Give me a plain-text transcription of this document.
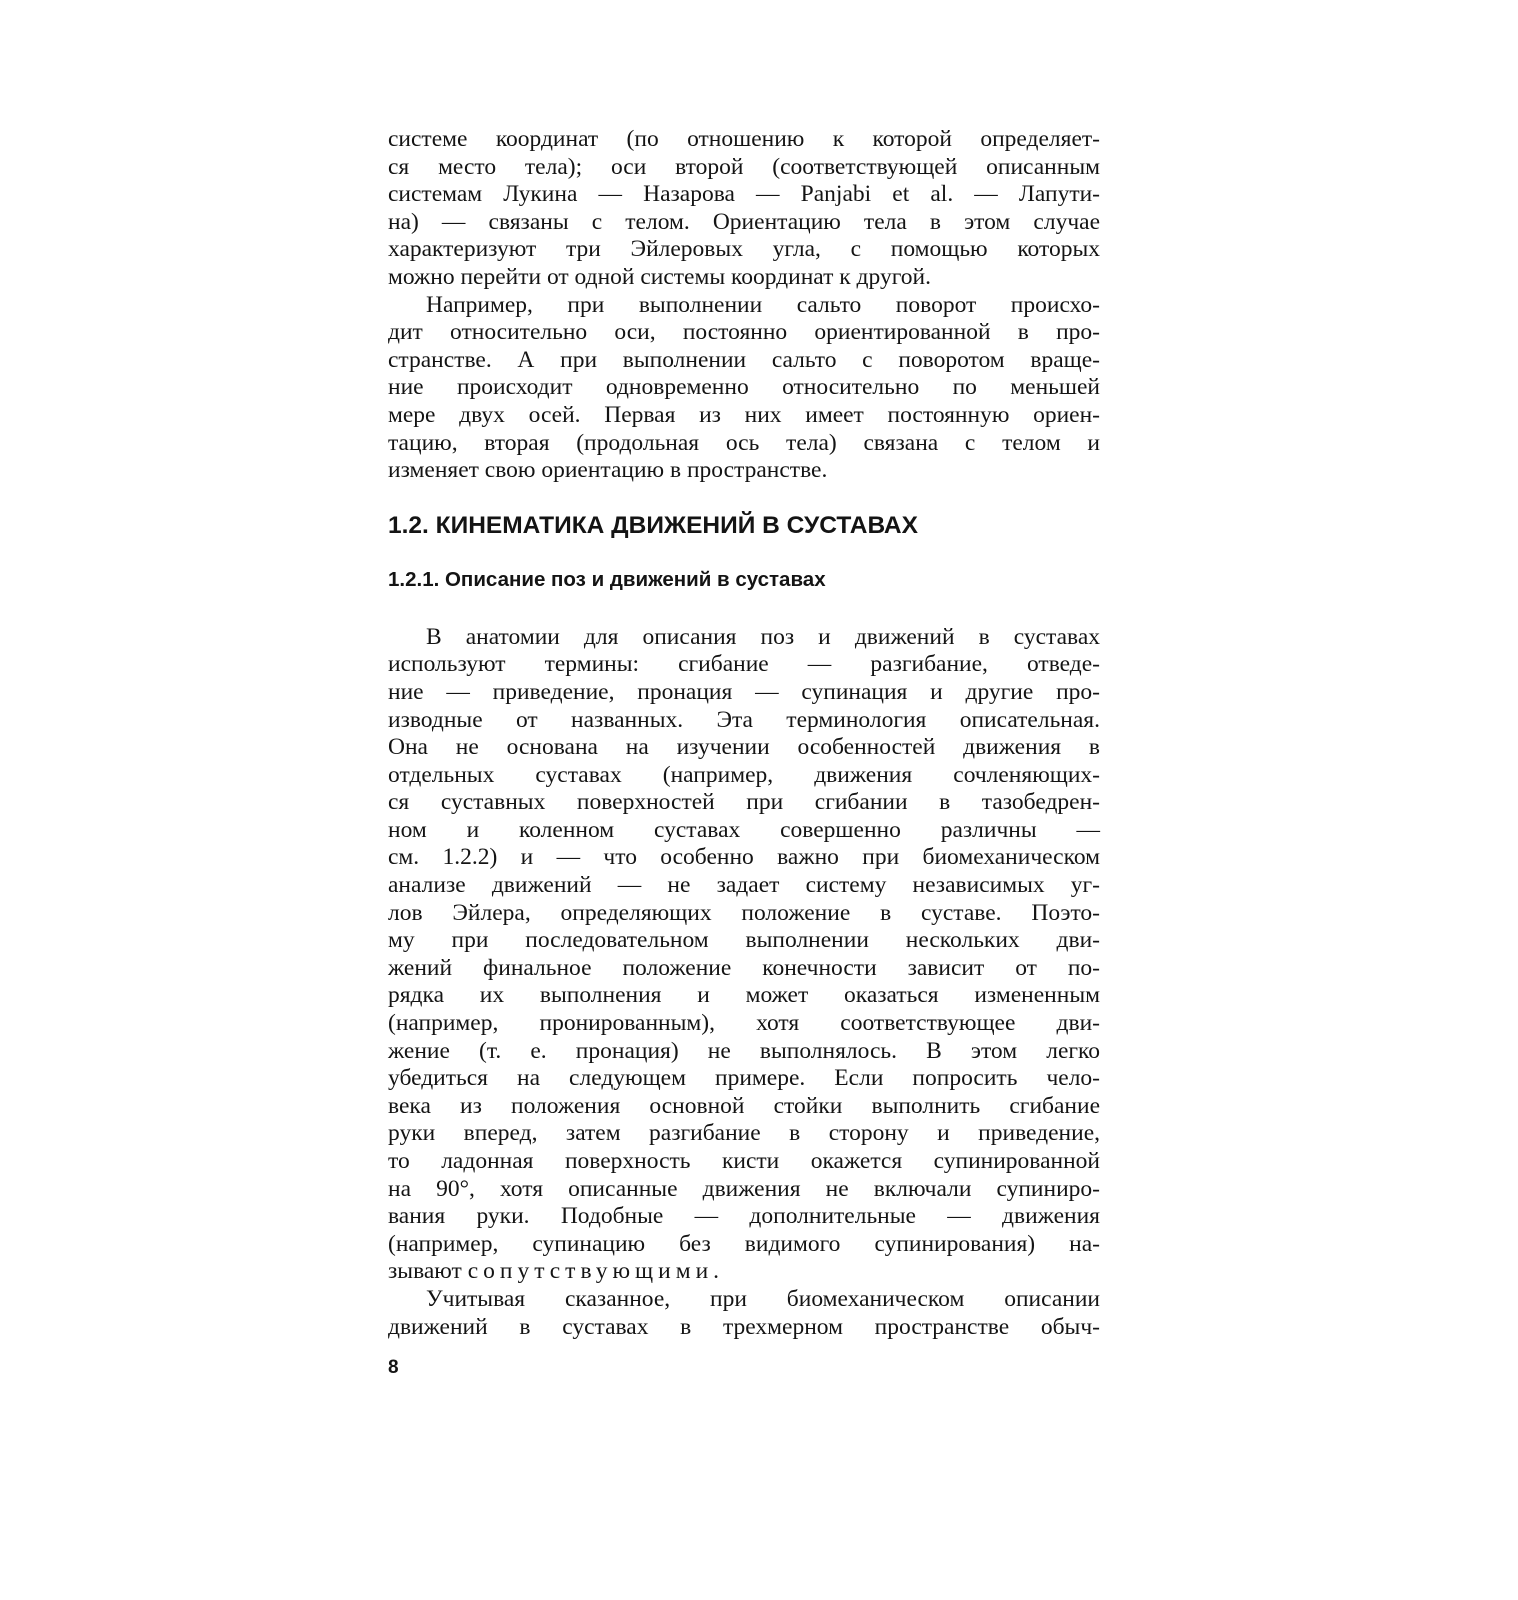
системе координат (по отношению к которой определяет-
ся место тела); оси второй (соответствующей описанным
системам Лукина — Назарова — Panjabi et al. — Лапути-
на) — связаны с телом. Ориентацию тела в этом случае
характеризуют три Эйлеровых угла, с помощью которых
можно перейти от одной системы координат к другой.
Например, при выполнении сальто поворот происхо-
дит относительно оси, постоянно ориентированной в про-
странстве. А при выполнении сальто с поворотом враще-
ние происходит одновременно относительно по меньшей
мере двух осей. Первая из них имеет постоянную ориен-
тацию, вторая (продольная ось тела) связана с телом и
изменяет свою ориентацию в пространстве.
1.2. КИНЕМАТИКА ДВИЖЕНИЙ В СУСТАВАХ
1.2.1. Описание поз и движений в суставах
В анатомии для описания поз и движений в суставах
используют термины: сгибание — разгибание, отведе-
ние — приведение, пронация — супинация и другие про-
изводные от названных. Эта терминология описательная.
Она не основана на изучении особенностей движения в
отдельных суставах (например, движения сочленяющих-
ся суставных поверхностей при сгибании в тазобедрен-
ном и коленном суставах совершенно различны —
см. 1.2.2) и — что особенно важно при биомеханическом
анализе движений — не задает систему независимых уг-
лов Эйлера, определяющих положение в суставе. Поэто-
му при последовательном выполнении нескольких дви-
жений финальное положение конечности зависит от по-
рядка их выполнения и может оказаться измененным
(например, пронированным), хотя соответствующее дви-
жение (т. е. пронация) не выполнялось. В этом легко
убедиться на следующем примере. Если попросить чело-
века из положения основной стойки выполнить сгибание
руки вперед, затем разгибание в сторону и приведение,
то ладонная поверхность кисти окажется супинированной
на 90°, хотя описанные движения не включали супиниро-
вания руки. Подобные — дополнительные — движения
(например, супинацию без видимого супинирования) на-
зывают сопутствующими.
Учитывая сказанное, при биомеханическом описании
движений в суставах в трехмерном пространстве обыч-
8
